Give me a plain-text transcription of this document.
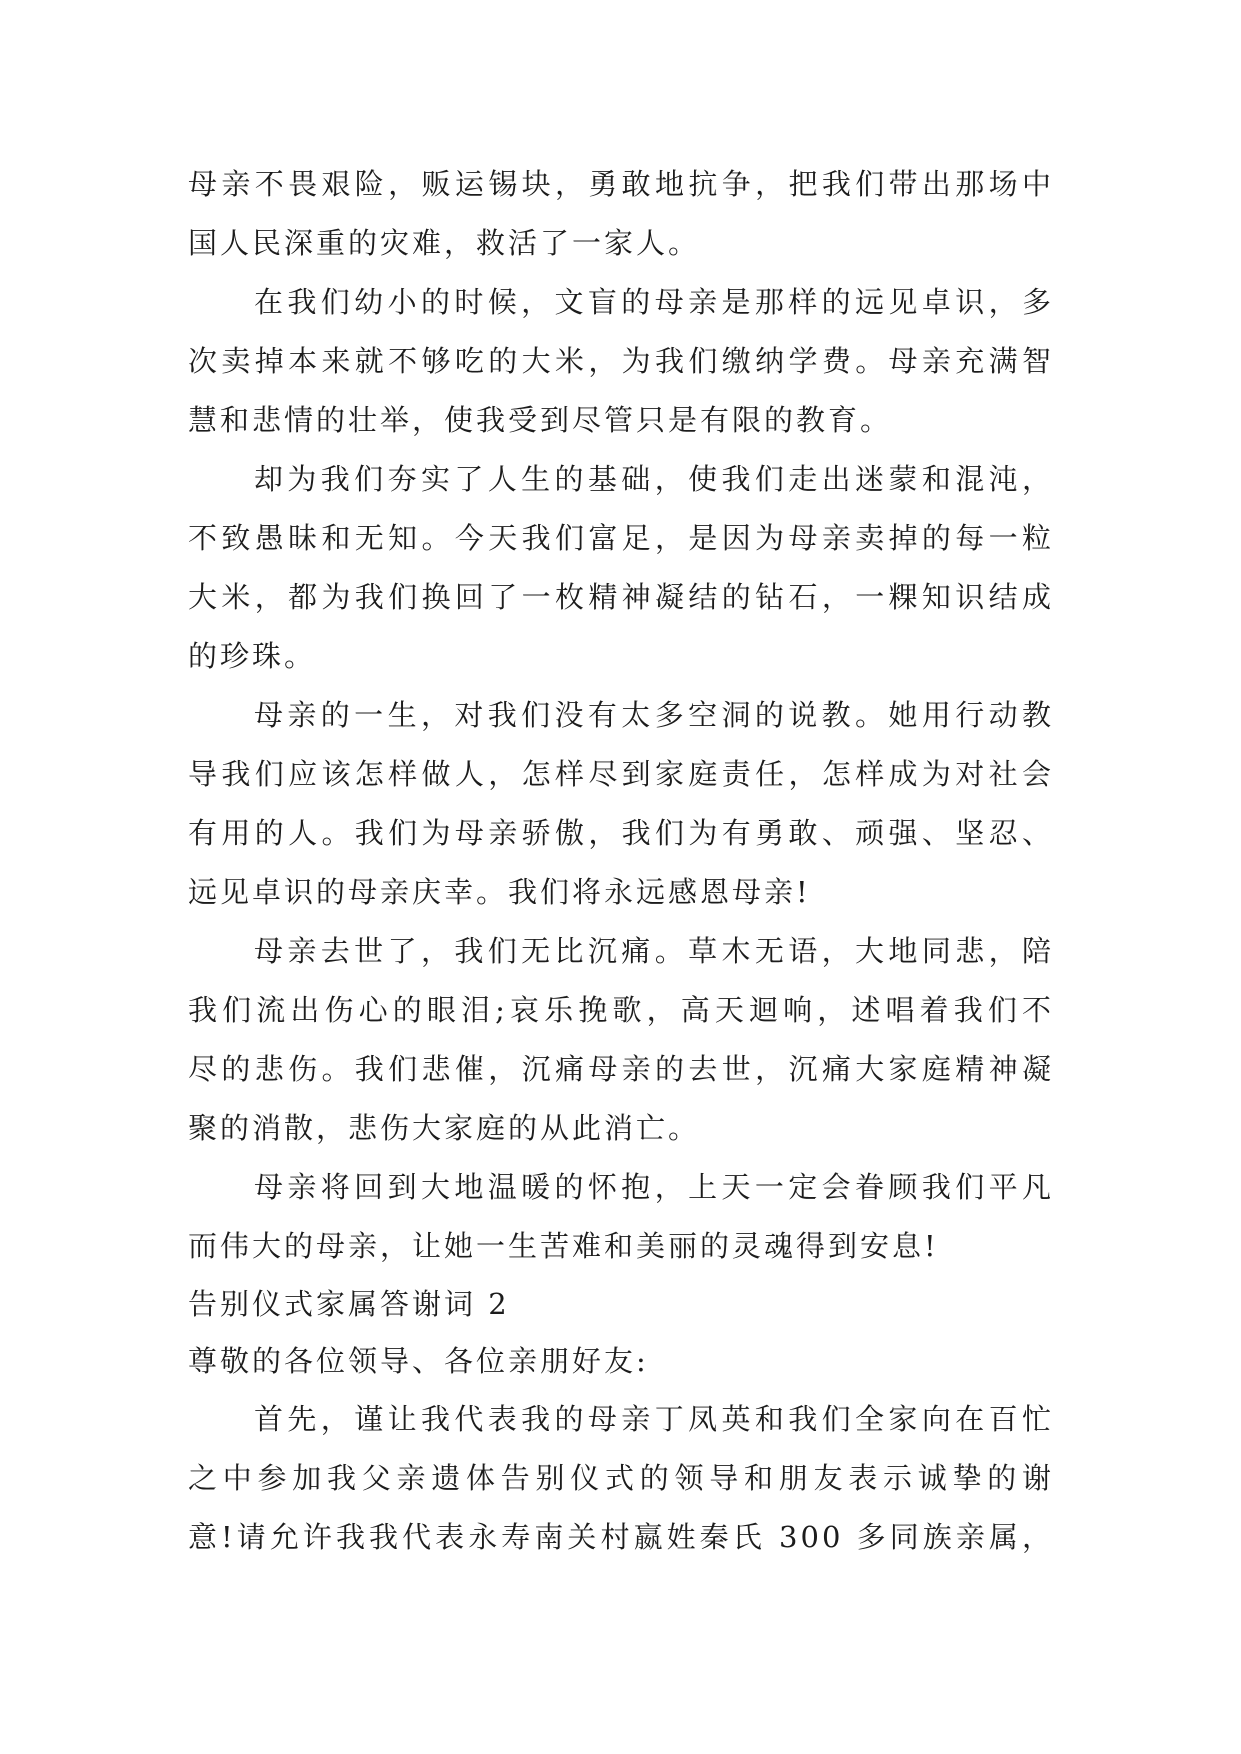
母亲不畏艰险，贩运锡块，勇敢地抗争，把我们带出那场中
国人民深重的灾难，救活了一家人。
在我们幼小的时候，文盲的母亲是那样的远见卓识，多
次卖掉本来就不够吃的大米，为我们缴纳学费。母亲充满智
慧和悲情的壮举，使我受到尽管只是有限的教育。
却为我们夯实了人生的基础，使我们走出迷蒙和混沌，
不致愚昧和无知。今天我们富足，是因为母亲卖掉的每一粒
大米，都为我们换回了一枚精神凝结的钻石，一粿知识结成
的珍珠。
母亲的一生，对我们没有太多空洞的说教。她用行动教
导我们应该怎样做人，怎样尽到家庭责任，怎样成为对社会
有用的人。我们为母亲骄傲，我们为有勇敢、顽强、坚忍、
远见卓识的母亲庆幸。我们将永远感恩母亲!
母亲去世了，我们无比沉痛。草木无语，大地同悲，陪
我们流出伤心的眼泪;哀乐挽歌，高天迴响，述唱着我们不
尽的悲伤。我们悲催，沉痛母亲的去世，沉痛大家庭精神凝
聚的消散，悲伤大家庭的从此消亡。
母亲将回到大地温暖的怀抱，上天一定会眷顾我们平凡
而伟大的母亲，让她一生苦难和美丽的灵魂得到安息!
告别仪式家属答谢词 2
尊敬的各位领导、各位亲朋好友:
首先，谨让我代表我的母亲丁凤英和我们全家向在百忙
之中参加我父亲遗体告别仪式的领导和朋友表示诚挚的谢
意!请允许我我代表永寿南关村嬴姓秦氏 300 多同族亲属，
